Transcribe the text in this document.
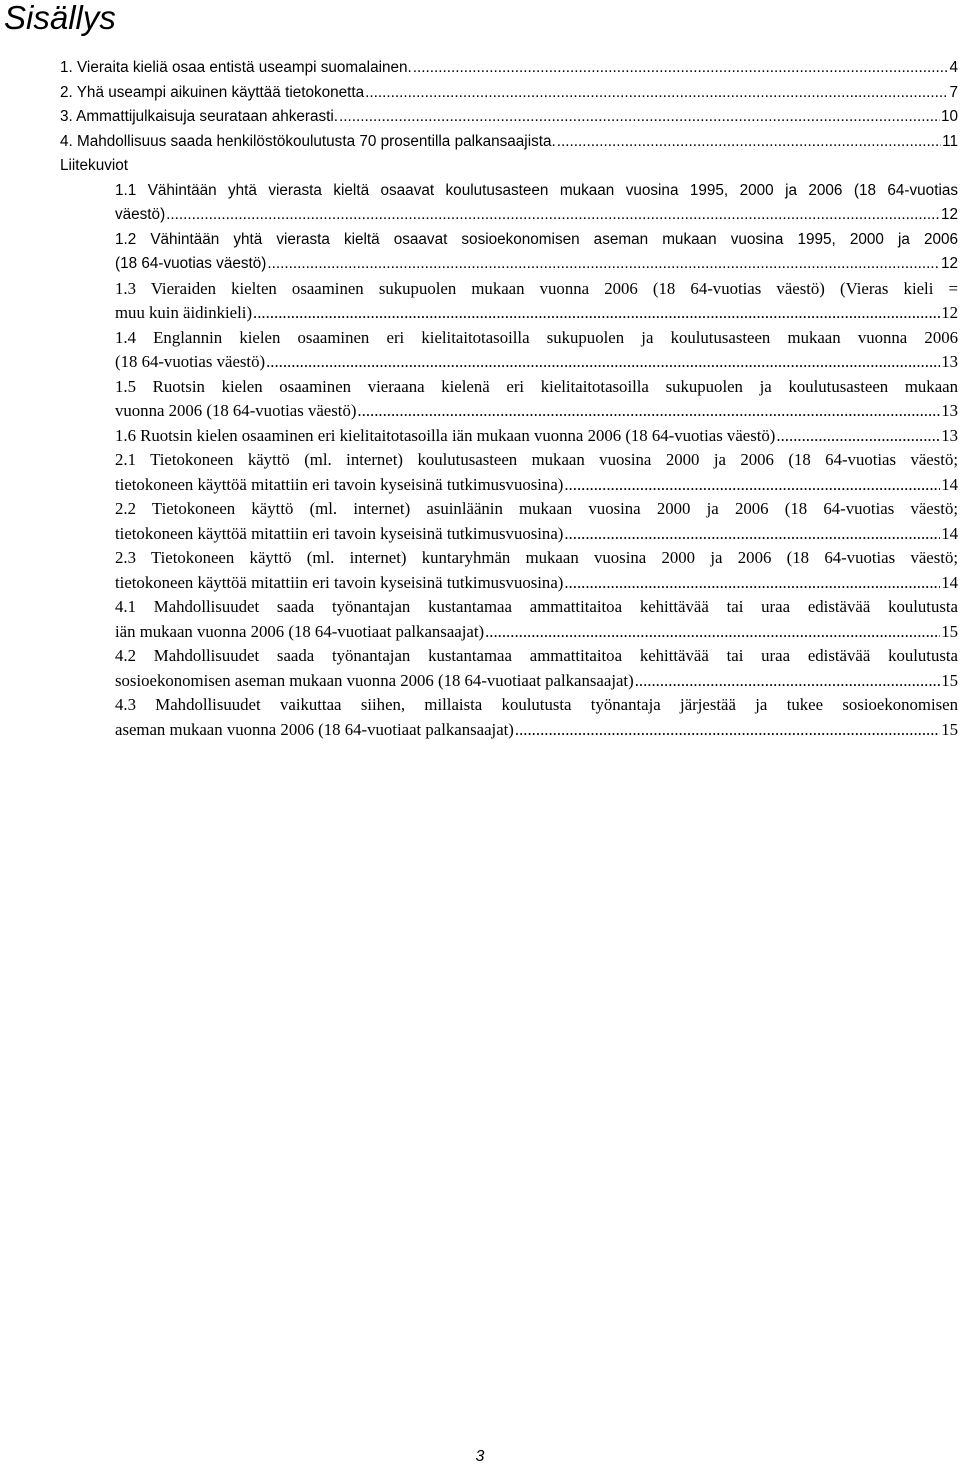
Sisällys
1. Vieraita kieliä osaa entistä useampi suomalainen. .....	4
2. Yhä useampi aikuinen käyttää tietokonetta .....	7
3. Ammattijulkaisuja seurataan ahkerasti. .....	10
4. Mahdollisuus saada henkilöstökoulutusta 70 prosentilla palkansaajista. .....	11
Liitekuviot
1.1 Vähintään yhtä vierasta kieltä osaavat koulutusasteen mukaan vuosina 1995, 2000 ja 2006 (18 64-vuotias
väestö) .....	12
1.2 Vähintään yhtä vierasta kieltä osaavat sosioekonomisen aseman mukaan vuosina 1995, 2000 ja 2006
(18 64-vuotias väestö) .....	12
1.3 Vieraiden kielten osaaminen sukupuolen mukaan vuonna 2006 (18 64-vuotias väestö) (Vieras kieli =
muu kuin äidinkieli) .....	12
1.4 Englannin kielen osaaminen eri kielitaitotasoilla sukupuolen ja koulutusasteen mukaan vuonna 2006
(18 64-vuotias väestö) .....	13
1.5 Ruotsin kielen osaaminen vieraana kielenä eri kielitaitotasoilla sukupuolen ja koulutusasteen mukaan
vuonna 2006 (18 64-vuotias väestö) .....	13
1.6 Ruotsin kielen osaaminen eri kielitaitotasoilla iän mukaan vuonna 2006 (18 64-vuotias väestö) .....	13
2.1 Tietokoneen käyttö (ml. internet) koulutusasteen mukaan vuosina 2000 ja 2006 (18 64-vuotias väestö;
tietokoneen käyttöä mitattiin eri tavoin kyseisinä tutkimusvuosina) .....	14
2.2 Tietokoneen käyttö (ml. internet) asuinläänin mukaan vuosina 2000 ja 2006 (18 64-vuotias väestö;
tietokoneen käyttöä mitattiin eri tavoin kyseisinä tutkimusvuosina) .....	14
2.3 Tietokoneen käyttö (ml. internet) kuntaryhmän mukaan vuosina 2000 ja 2006 (18 64-vuotias väestö;
tietokoneen käyttöä mitattiin eri tavoin kyseisinä tutkimusvuosina) .....	14
4.1 Mahdollisuudet saada työnantajan kustantamaa ammattitaitoa kehittävää tai uraa edistävää koulutusta
iän mukaan vuonna 2006 (18 64-vuotiaat palkansaajat) .....	15
4.2 Mahdollisuudet saada työnantajan kustantamaa ammattitaitoa kehittävää tai uraa edistävää koulutusta
sosioekonomisen aseman mukaan vuonna 2006 (18 64-vuotiaat palkansaajat) .....	15
4.3 Mahdollisuudet vaikuttaa siihen, millaista koulutusta työnantaja järjestää ja tukee sosioekonomisen
aseman mukaan vuonna 2006 (18 64-vuotiaat palkansaajat) .....	15
3
